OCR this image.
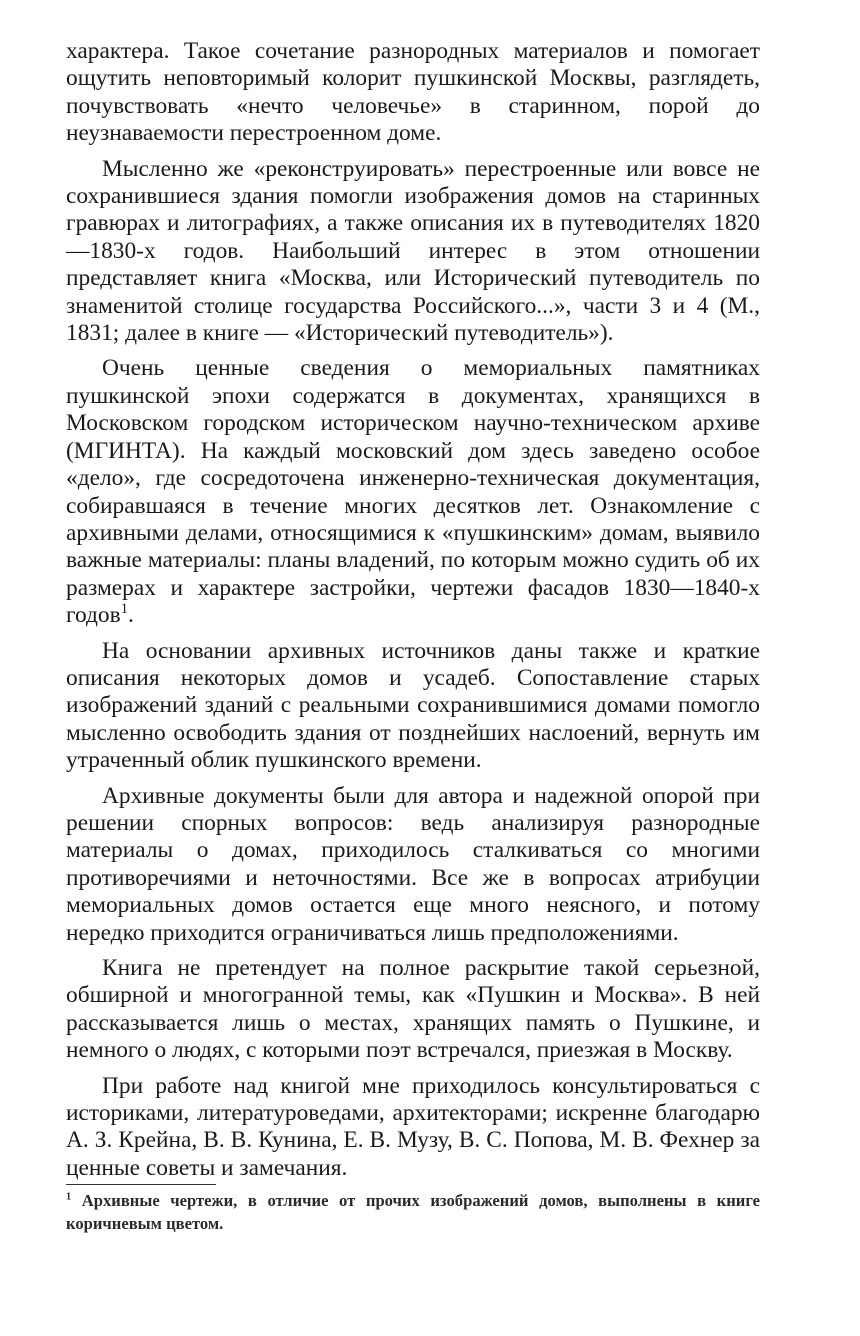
характера. Такое сочетание разнородных материалов и помогает ощутить неповторимый колорит пушкинской Москвы, разглядеть, почувствовать «нечто человечье» в старинном, порой до неузнаваемости перестроенном доме.

Мысленно же «реконструировать» перестроенные или вовсе не сохранившиеся здания помогли изображения домов на старинных гравюрах и литографиях, а также описания их в путеводителях 1820—1830-х годов. Наибольший интерес в этом отношении представляет книга «Москва, или Исторический путеводитель по знаменитой столице государства Российского...», части 3 и 4 (М., 1831; далее в книге — «Исторический путеводитель»).

Очень ценные сведения о мемориальных памятниках пушкинской эпохи содержатся в документах, хранящихся в Московском городском историческом научно-техническом архиве (МГИНТА). На каждый московский дом здесь заведено особое «дело», где сосредоточена инженерно-техническая документация, собиравшаяся в течение многих десятков лет. Ознакомление с архивными делами, относящимися к «пушкинским» домам, выявило важные материалы: планы владений, по которым можно судить об их размерах и характере застройки, чертежи фасадов 1830—1840-х годов$^1$.

На основании архивных источников даны также и краткие описания некоторых домов и усадеб. Сопоставление старых изображений зданий с реальными сохранившимися домами помогло мысленно освободить здания от позднейших наслоений, вернуть им утраченный облик пушкинского времени.

Архивные документы были для автора и надежной опорой при решении спорных вопросов: ведь анализируя разнородные материалы о домах, приходилось сталкиваться со многими противоречиями и неточностями. Все же в вопросах атрибуции мемориальных домов остается еще много неясного, и потому нередко приходится ограничиваться лишь предположениями.

Книга не претендует на полное раскрытие такой серьезной, обширной и многогранной темы, как «Пушкин и Москва». В ней рассказывается лишь о местах, хранящих память о Пушкине, и немного о людях, с которыми поэт встречался, приезжая в Москву.

При работе над книгой мне приходилось консультироваться с историками, литературоведами, архитекторами; искренне благодарю А. З. Крейна, В. В. Кунина, Е. В. Музу, В. С. Попова, М. В. Фехнер за ценные советы и замечания.

$^1$ Архивные чертежи, в отличие от прочих изображений домов, выполнены в книге коричневым цветом.
